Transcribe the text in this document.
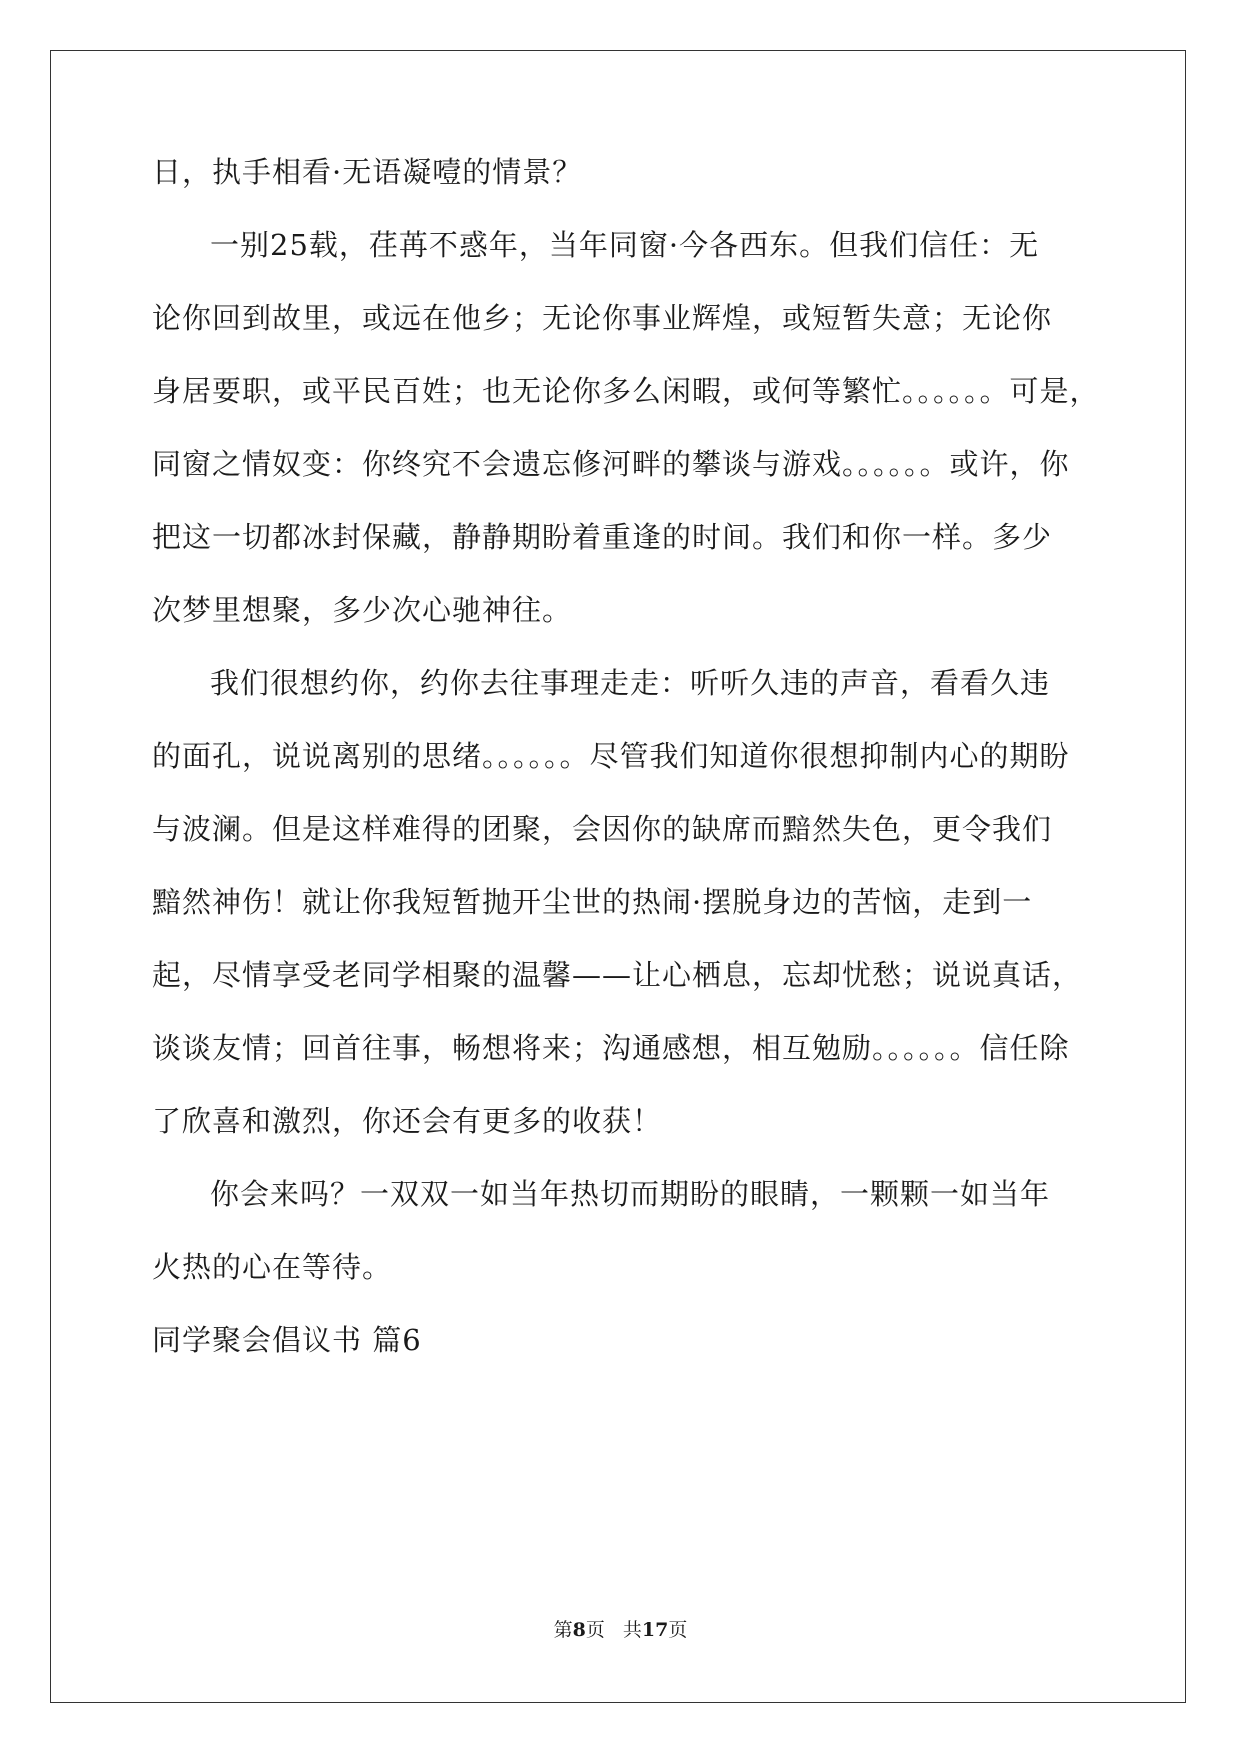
日，执手相看·无语凝噎的情景？
一别25载，荏苒不惑年，当年同窗·今各西东。但我们信任：无
论你回到故里，或远在他乡；无论你事业辉煌，或短暂失意；无论你
身居要职，或平民百姓；也无论你多么闲暇，或何等繁忙。。。。。。可是，
同窗之情奴变：你终究不会遗忘修河畔的攀谈与游戏。。。。。。或许，你
把这一切都冰封保藏，静静期盼着重逢的时间。我们和你一样。多少
次梦里想聚，多少次心驰神往。
我们很想约你，约你去往事理走走：听听久违的声音，看看久违
的面孔，说说离别的思绪。。。。。。尽管我们知道你很想抑制内心的期盼
与波澜。但是这样难得的团聚，会因你的缺席而黯然失色，更令我们
黯然神伤！就让你我短暂抛开尘世的热闹·摆脱身边的苦恼，走到一
起，尽情享受老同学相聚的温馨——让心栖息，忘却忧愁；说说真话，
谈谈友情；回首往事，畅想将来；沟通感想，相互勉励。。。。。。信任除
了欣喜和激烈，你还会有更多的收获！
你会来吗？一双双一如当年热切而期盼的眼睛，一颗颗一如当年
火热的心在等待。
同学聚会倡议书 篇6
第8页 共17页
